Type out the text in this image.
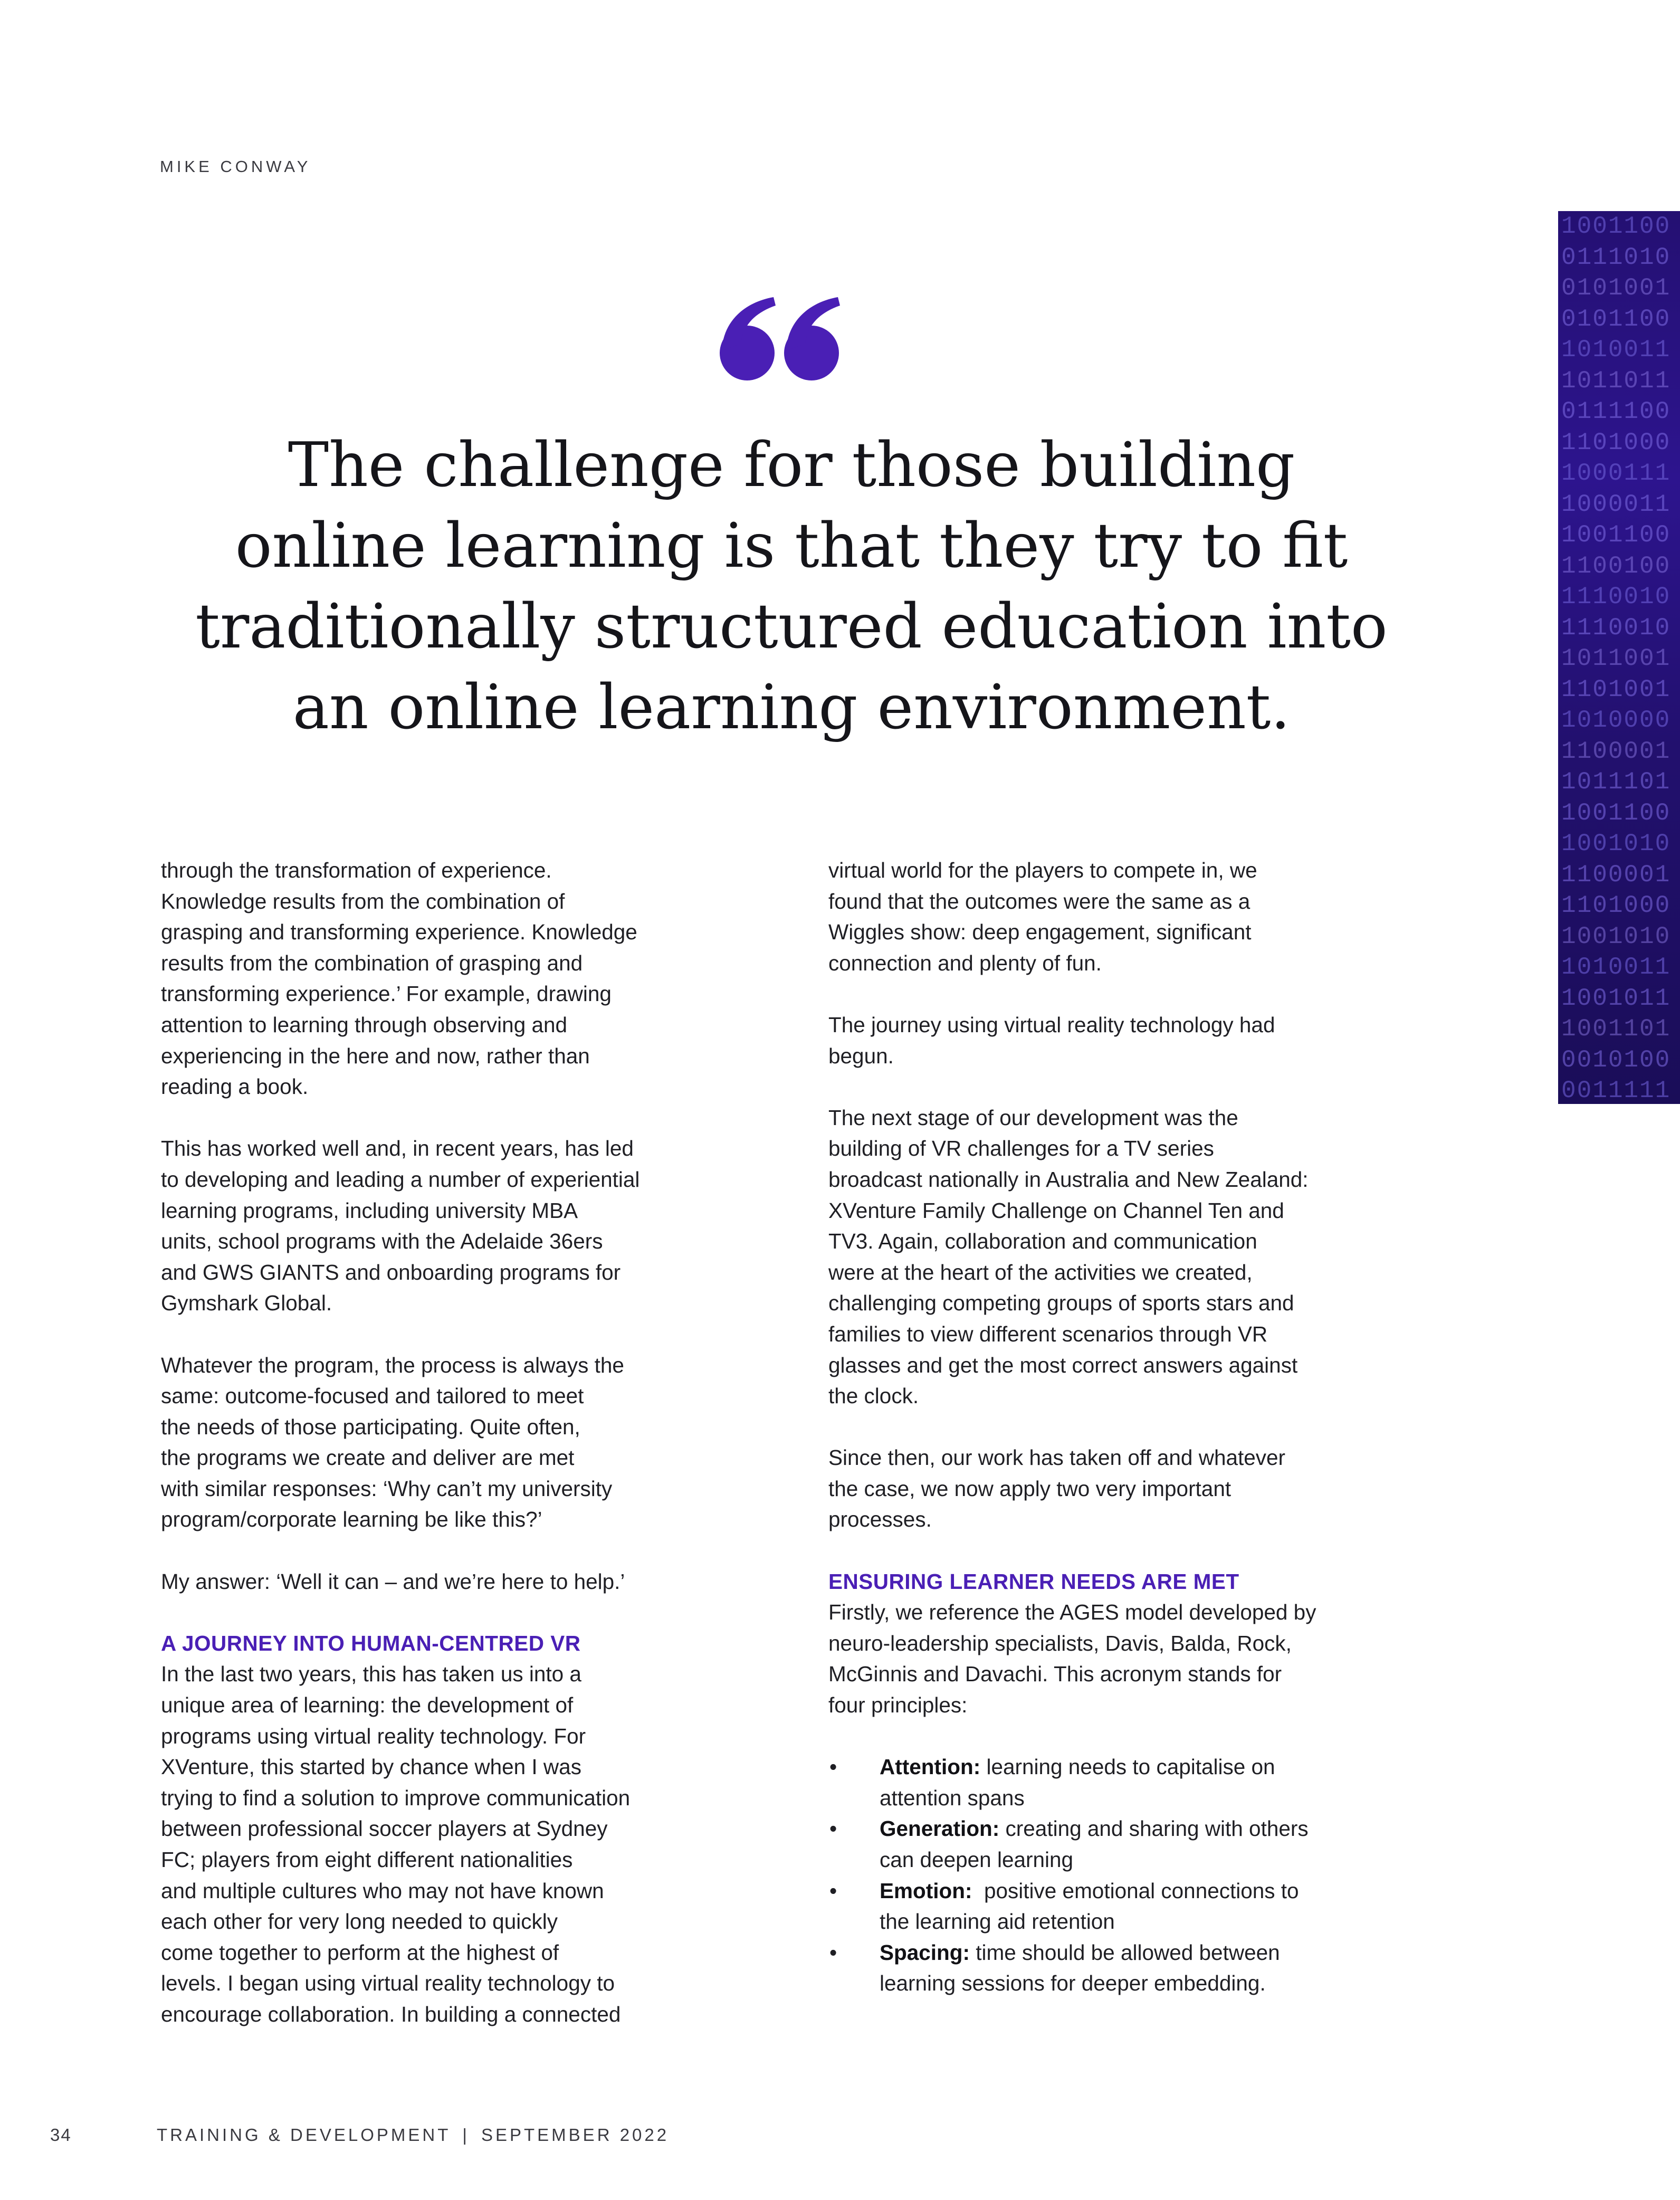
MIKE CONWAY
1001100
0111010
0101001
0101100
1010011
1011011
0111100
1101000
1000111
1000011
1001100
1100100
1110010
1110010
1011001
1101001
1010000
1100001
1011101
1001100
1001010
1100001
1101000
1001010
1010011
1001011
1001101
0010100
0011111
The challenge for those building
online learning is that they try to fit
traditionally structured education into
an online learning environment.
through the transformation of experience.
Knowledge results from the combination of
grasping and transforming experience. Knowledge
results from the combination of grasping and
transforming experience.’ For example, drawing
attention to learning through observing and
experiencing in the here and now, rather than
reading a book.
This has worked well and, in recent years, has led
to developing and leading a number of experiential
learning programs, including university MBA
units, school programs with the Adelaide 36ers
and GWS GIANTS and onboarding programs for
Gymshark Global.
Whatever the program, the process is always the
same: outcome-focused and tailored to meet
the needs of those participating. Quite often,
the programs we create and deliver are met
with similar responses: ‘Why can’t my university
program/corporate learning be like this?’
My answer: ‘Well it can – and we’re here to help.’
A JOURNEY INTO HUMAN-CENTRED VR
In the last two years, this has taken us into a
unique area of learning: the development of
programs using virtual reality technology. For
XVenture, this started by chance when I was
trying to find a solution to improve communication
between professional soccer players at Sydney
FC; players from eight different nationalities
and multiple cultures who may not have known
each other for very long needed to quickly
come together to perform at the highest of
levels. I began using virtual reality technology to
encourage collaboration. In building a connected
virtual world for the players to compete in, we
found that the outcomes were the same as a
Wiggles show: deep engagement, significant
connection and plenty of fun.
The journey using virtual reality technology had
begun.
The next stage of our development was the
building of VR challenges for a TV series
broadcast nationally in Australia and New Zealand:
XVenture Family Challenge on Channel Ten and
TV3. Again, collaboration and communication
were at the heart of the activities we created,
challenging competing groups of sports stars and
families to view different scenarios through VR
glasses and get the most correct answers against
the clock.
Since then, our work has taken off and whatever
the case, we now apply two very important
processes.
ENSURING LEARNER NEEDS ARE MET
Firstly, we reference the AGES model developed by
neuro-leadership specialists, Davis, Balda, Rock,
McGinnis and Davachi. This acronym stands for
four principles:
• Attention: learning needs to capitalise on
attention spans
• Generation: creating and sharing with others
can deepen learning
• Emotion:  positive emotional connections to
the learning aid retention
• Spacing: time should be allowed between
learning sessions for deeper embedding.
34	TRAINING & DEVELOPMENT | SEPTEMBER 2022
